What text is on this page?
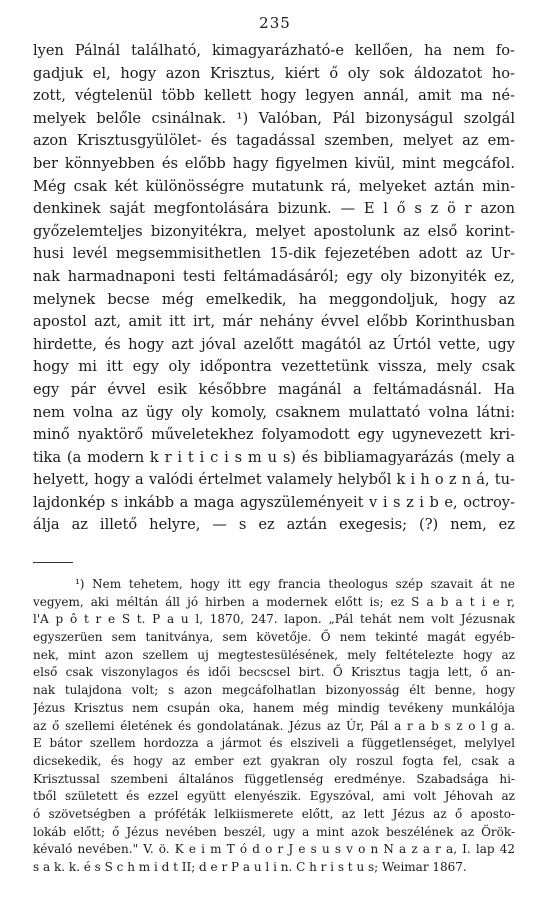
235
lyen Pálnál található, kimagyarázható-e kellően, ha nem fo-
gadjuk el, hogy azon Krisztus, kiért ő oly sok áldozatot ho-
zott, végtelenül több kellett hogy legyen annál, amit ma né-
melyek belőle csinálnak. ¹) Valóban, Pál bizonyságul szolgál
azon Krisztusgyülölet- és tagadással szemben, melyet az em-
ber könnyebben és előbb hagy figyelmen kivül, mint megcáfol.
Még csak két különösségre mutatunk rá, melyeket aztán min-
denkinek saját megfontolására bizunk. — E l ő s z ö r azon
győzelemteljes bizonyitékra, melyet apostolunk az első korint-
husi levél megsemmisithetlen 15-dik fejezetében adott az Ur-
nak harmadnaponi testi feltámadásáról; egy oly bizonyiték ez,
melynek becse még emelkedik, ha meggondoljuk, hogy az
apostol azt, amit itt irt, már nehány évvel előbb Korinthusban
hirdette, és hogy azt jóval azelőtt magától az Úrtól vette, ugy
hogy mi itt egy oly időpontra vezettetünk vissza, mely csak
egy pár évvel esik későbbre magánál a feltámadásnál. Ha
nem volna az ügy oly komoly, csaknem mulattató volna látni:
minő nyaktörő műveletekhez folyamodott egy ugynevezett kri-
tika (a modern k r i t i c i s m u s) és bibliamagyarázás (mely a
helyett, hogy a valódi értelmet valamely helyből k i h o z n á, tu-
lajdonkép s inkább a maga agyszüleményeit v i s z i b e, octroy-
álja az illető helyre, — s ez aztán exegesis; (?) nem, ez
¹) Nem tehetem, hogy itt egy francia theologus szép szavait át ne
vegyem, aki méltán áll jó hirben a modernek előtt is; ez S a b a t i e r,
l'A p ô t r e S t. P a u l, 1870, 247. lapon. „Pál tehát nem volt Jézusnak
egyszerüen sem tanitványa, sem követője. Ő nem tekinté magát egyéb-
nek, mint azon szellem uj megtestesülésének, mely feltételezte hogy az
első csak viszonylagos és idői becscsel birt. Ő Krisztus tagja lett, ő an-
nak tulajdona volt; s azon megcáfolhatlan bizonyosság élt benne, hogy
Jézus Krisztus nem csupán oka, hanem még mindig tevékeny munkálója
az ő szellemi életének és gondolatának. Jézus az Úr, Pál a r a b s z o l g a.
E bátor szellem hordozza a jármot és elsziveli a függetlenséget, melylyel
dicsekedik, és hogy az ember ezt gyakran oly roszul fogta fel, csak a
Krisztussal szembeni általános függetlenség eredménye. Szabadsága hi-
tből született és ezzel együtt elenyészik. Egyszóval, ami volt Jéhovah az
ó szövetségben a próféták lelkiismerete előtt, az lett Jézus az ő aposto-
lokáb előtt; ő Jézus nevében beszél, ugy a mint azok beszélének az Örök-
kévaló nevében." V. ö. K e i m T ó d o r J e s u s v o n N a z a r a, I. lap 42
s a k. k. é s S c h m i d t II; d e r P a u l i n. C h r i s t u s; Weimar 1867.
